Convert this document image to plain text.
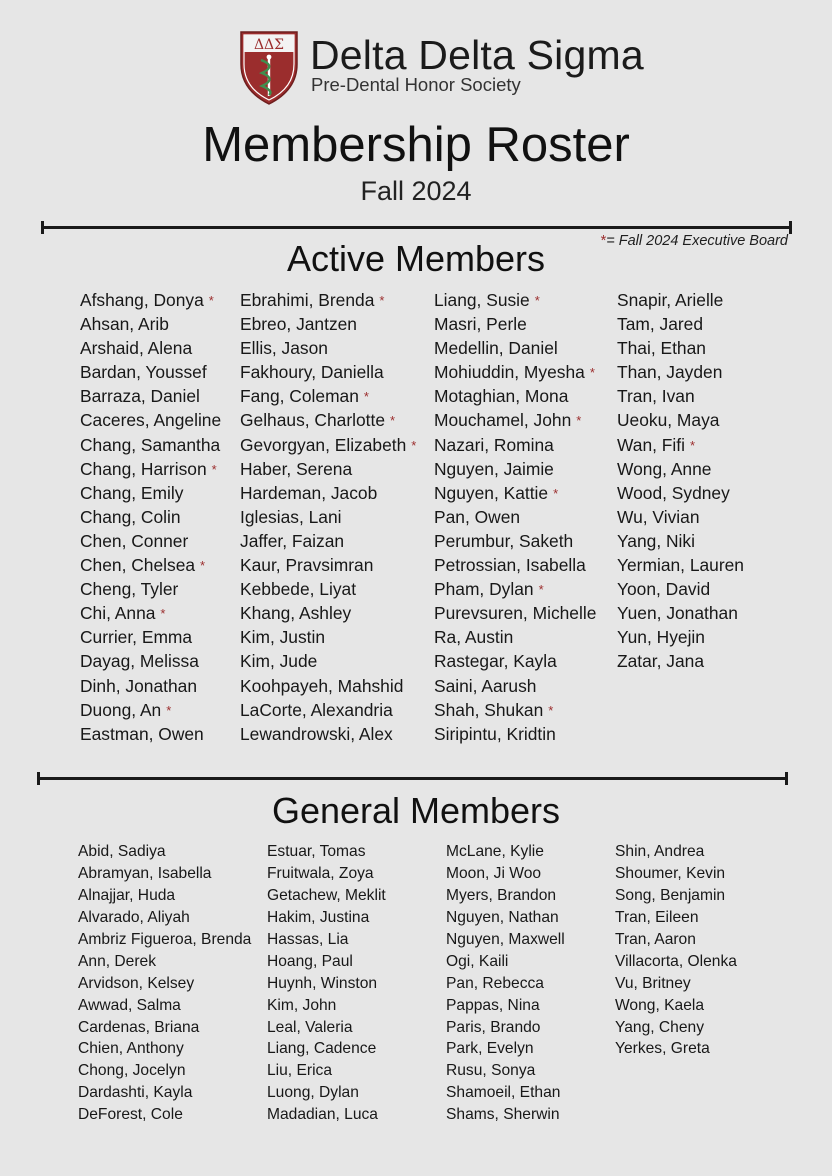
ΔΔΣ Delta Delta Sigma
Pre-Dental Honor Society
Membership Roster
Fall 2024
*= Fall 2024 Executive Board
Active Members
Afshang, Donya *
Ahsan, Arib
Arshaid, Alena
Bardan, Youssef
Barraza, Daniel
Caceres, Angeline
Chang, Samantha
Chang, Harrison *
Chang, Emily
Chang, Colin
Chen, Conner
Chen, Chelsea *
Cheng, Tyler
Chi, Anna *
Currier, Emma
Dayag, Melissa
Dinh, Jonathan
Duong, An *
Eastman, Owen
Ebrahimi, Brenda *
Ebreo, Jantzen
Ellis, Jason
Fakhoury, Daniella
Fang, Coleman *
Gelhaus, Charlotte *
Gevorgyan, Elizabeth *
Haber, Serena
Hardeman, Jacob
Iglesias, Lani
Jaffer, Faizan
Kaur, Pravsimran
Kebbede, Liyat
Khang, Ashley
Kim, Justin
Kim, Jude
Koohpayeh, Mahshid
LaCorte, Alexandria
Lewandrowski, Alex
Liang, Susie *
Masri, Perle
Medellin, Daniel
Mohiuddin, Myesha *
Motaghian, Mona
Mouchamel, John *
Nazari, Romina
Nguyen, Jaimie
Nguyen, Kattie *
Pan, Owen
Perumbur, Saketh
Petrossian, Isabella
Pham, Dylan *
Purevsuren, Michelle
Ra, Austin
Rastegar, Kayla
Saini, Aarush
Shah, Shukan *
Siripintu, Kridtin
Snapir, Arielle
Tam, Jared
Thai, Ethan
Than, Jayden
Tran, Ivan
Ueoku, Maya
Wan, Fifi *
Wong, Anne
Wood, Sydney
Wu, Vivian
Yang, Niki
Yermian, Lauren
Yoon, David
Yuen, Jonathan
Yun, Hyejin
Zatar, Jana
General Members
Abid, Sadiya
Abramyan, Isabella
Alnajjar, Huda
Alvarado, Aliyah
Ambriz Figueroa, Brenda
Ann, Derek
Arvidson, Kelsey
Awwad, Salma
Cardenas, Briana
Chien, Anthony
Chong, Jocelyn
Dardashti, Kayla
DeForest, Cole
Estuar, Tomas
Fruitwala, Zoya
Getachew, Meklit
Hakim, Justina
Hassas, Lia
Hoang, Paul
Huynh, Winston
Kim, John
Leal, Valeria
Liang, Cadence
Liu, Erica
Luong, Dylan
Madadian, Luca
McLane, Kylie
Moon, Ji Woo
Myers, Brandon
Nguyen, Nathan
Nguyen, Maxwell
Ogi, Kaili
Pan, Rebecca
Pappas, Nina
Paris, Brando
Park, Evelyn
Rusu, Sonya
Shamoeil, Ethan
Shams, Sherwin
Shin, Andrea
Shoumer, Kevin
Song, Benjamin
Tran, Eileen
Tran, Aaron
Villacorta, Olenka
Vu, Britney
Wong, Kaela
Yang, Cheny
Yerkes, Greta
